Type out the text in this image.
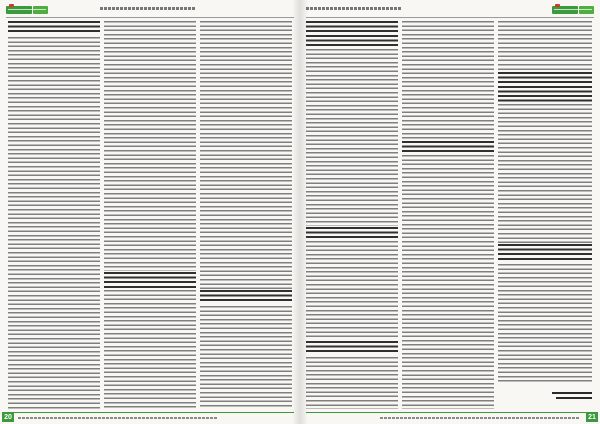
20	21
